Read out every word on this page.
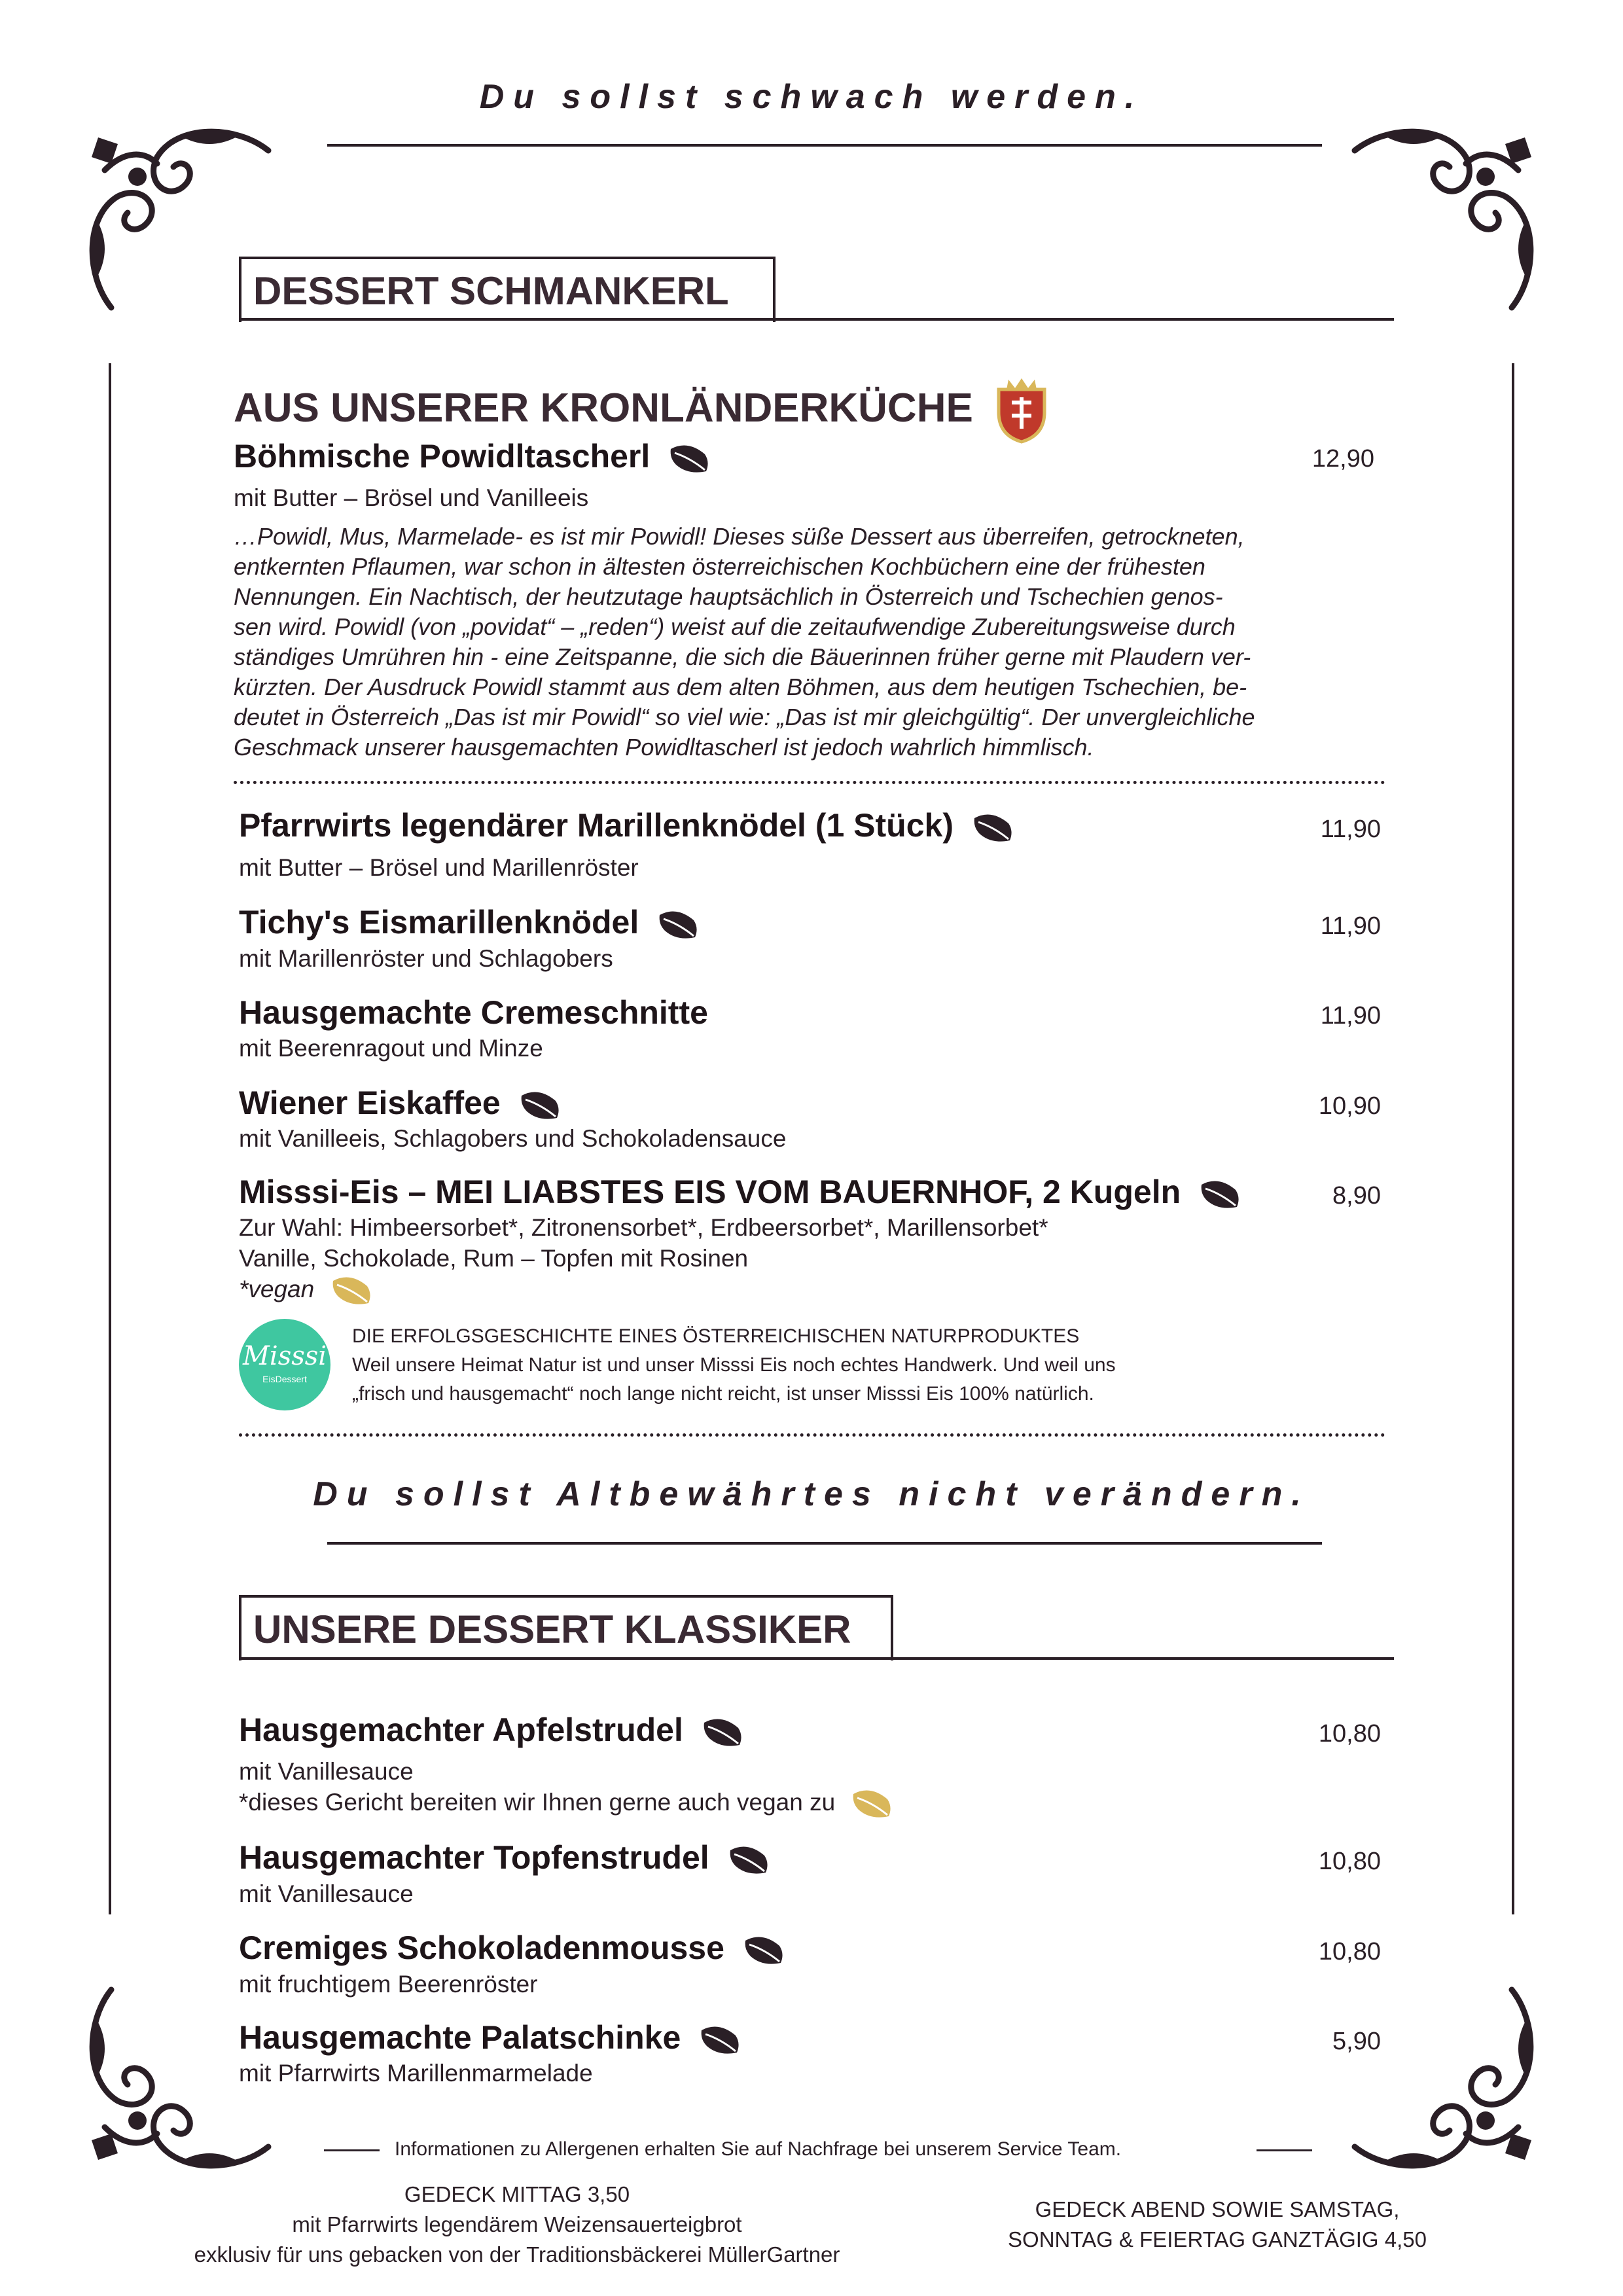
Du sollst schwach werden.
DESSERT SCHMANKERL
AUS UNSERER KRONLÄNDERKÜCHE
Böhmische Powidltascherl	12,90
mit Butter – Brösel und Vanilleeis
…Powidl, Mus, Marmelade- es ist mir Powidl! Dieses süße Dessert aus überreifen, getrockneten,
entkernten Pflaumen, war schon in ältesten österreichischen Kochbüchern eine der frühesten
Nennungen. Ein Nachtisch, der heutzutage hauptsächlich in Österreich und Tschechien genos-
sen wird. Powidl (von „povidat“ – „reden“) weist auf die zeitaufwendige Zubereitungsweise durch
ständiges Umrühren hin - eine Zeitspanne, die sich die Bäuerinnen früher gerne mit Plaudern ver-
kürzten. Der Ausdruck Powidl stammt aus dem alten Böhmen, aus dem heutigen Tschechien, be-
deutet in Österreich „Das ist mir Powidl“ so viel wie: „Das ist mir gleichgültig“. Der unvergleichliche
Geschmack unserer hausgemachten Powidltascherl ist jedoch wahrlich himmlisch.
Pfarrwirts legendärer Marillenknödel (1 Stück)	11,90
mit Butter – Brösel und Marillenröster
Tichy's Eismarillenknödel	11,90
mit Marillenröster und Schlagobers
Hausgemachte Cremeschnitte	11,90
mit Beerenragout und Minze
Wiener Eiskaffee	10,90
mit Vanilleeis, Schlagobers und Schokoladensauce
Misssi-Eis – MEI LIABSTES EIS VOM BAUERNHOF, 2 Kugeln	8,90
Zur Wahl: Himbeersorbet*, Zitronensorbet*, Erdbeersorbet*, Marillensorbet*
Vanille, Schokolade, Rum – Topfen mit Rosinen
*vegan
Misssi
EisDessert
DIE ERFOLGSGESCHICHTE EINES ÖSTERREICHISCHEN NATURPRODUKTES
Weil unsere Heimat Natur ist und unser Misssi Eis noch echtes Handwerk. Und weil uns
„frisch und hausgemacht“ noch lange nicht reicht, ist unser Misssi Eis 100% natürlich.
Du sollst Altbewährtes nicht verändern.
UNSERE DESSERT KLASSIKER
Hausgemachter Apfelstrudel	10,80
mit Vanillesauce
*dieses Gericht bereiten wir Ihnen gerne auch vegan zu
Hausgemachter Topfenstrudel	10,80
mit Vanillesauce
Cremiges Schokoladenmousse	10,80
mit fruchtigem Beerenröster
Hausgemachte Palatschinke	5,90
mit Pfarrwirts Marillenmarmelade
Informationen zu Allergenen erhalten Sie auf Nachfrage bei unserem Service Team.
GEDECK MITTAG 3,50
mit Pfarrwirts legendärem Weizensauerteigbrot
exklusiv für uns gebacken von der Traditionsbäckerei MüllerGartner
GEDECK ABEND SOWIE SAMSTAG,
SONNTAG & FEIERTAG GANZTÄGIG 4,50
